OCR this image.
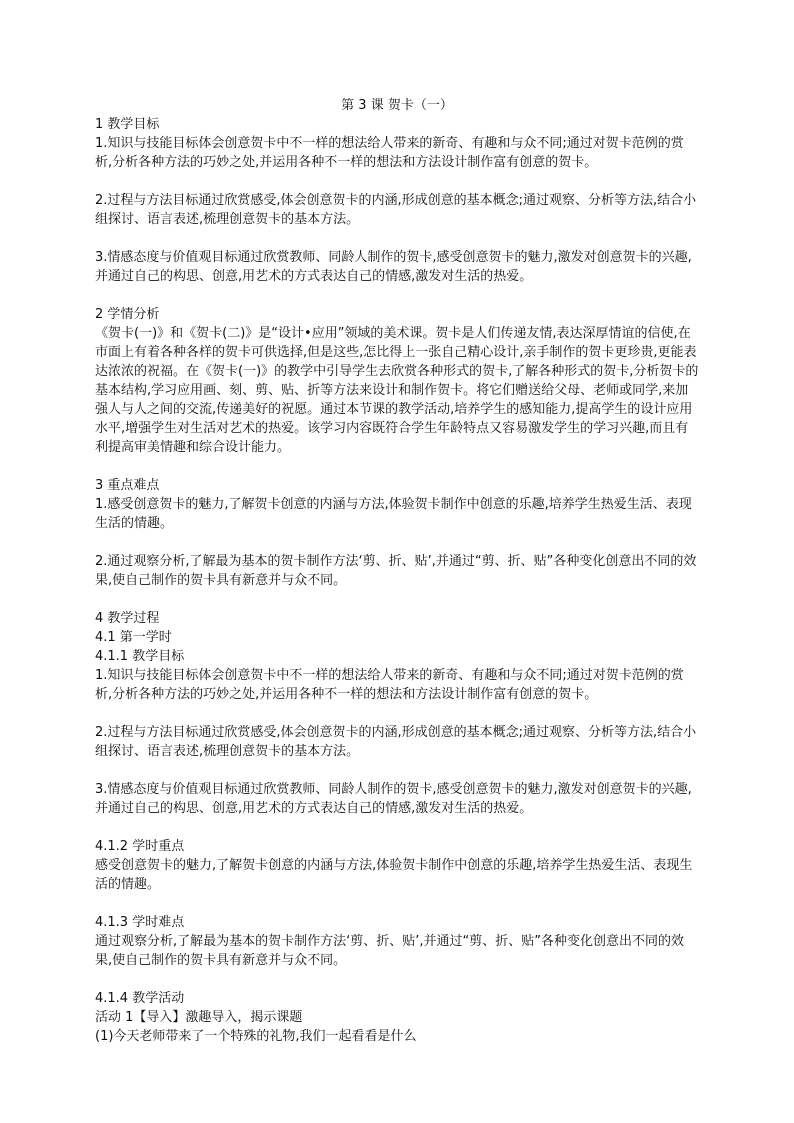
第 3 课 贺卡（一）

1 教学目标

1.知识与技能目标体会创意贺卡中不一样的想法给人带来的新奇、有趣和与众不同;通过对贺卡范例的赏析,分析各种方法的巧妙之处,并运用各种不一样的想法和方法设计制作富有创意的贺卡。

2.过程与方法目标通过欣赏感受,体会创意贺卡的内涵,形成创意的基本概念;通过观察、分析等方法,结合小组探讨、语言表述,梳理创意贺卡的基本方法。

3.情感态度与价值观目标通过欣赏教师、同龄人制作的贺卡,感受创意贺卡的魅力,激发对创意贺卡的兴趣,并通过自己的构思、创意,用艺术的方式表达自己的情感,激发对生活的热爱。

2 学情分析

《贺卡(一)》和《贺卡(二)》是“设计•应用”领域的美术课。贺卡是人们传递友情,表达深厚情谊的信使,在市面上有着各种各样的贺卡可供选择,但是这些,怎比得上一张自己精心设计,亲手制作的贺卡更珍贵,更能表达浓浓的祝福。在《贺卡(一)》的教学中引导学生去欣赏各种形式的贺卡,了解各种形式的贺卡,分析贺卡的基本结构,学习应用画、刻、剪、贴、折等方法来设计和制作贺卡。将它们赠送给父母、老师或同学,来加强人与人之间的交流,传递美好的祝愿。通过本节课的教学活动,培养学生的感知能力,提高学生的设计应用水平,增强学生对生活对艺术的热爱。该学习内容既符合学生年龄特点又容易激发学生的学习兴趣,而且有利提高审美情趣和综合设计能力。

3 重点难点

1.感受创意贺卡的魅力,了解贺卡创意的内涵与方法,体验贺卡制作中创意的乐趣,培养学生热爱生活、表现生活的情趣。

2.通过观察分析,了解最为基本的贺卡制作方法‘剪、折、贴’,并通过“剪、折、贴”各种变化创意出不同的效果,使自己制作的贺卡具有新意并与众不同。

4 教学过程

4.1 第一学时

4.1.1 教学目标

1.知识与技能目标体会创意贺卡中不一样的想法给人带来的新奇、有趣和与众不同;通过对贺卡范例的赏析,分析各种方法的巧妙之处,并运用各种不一样的想法和方法设计制作富有创意的贺卡。

2.过程与方法目标通过欣赏感受,体会创意贺卡的内涵,形成创意的基本概念;通过观察、分析等方法,结合小组探讨、语言表述,梳理创意贺卡的基本方法。

3.情感态度与价值观目标通过欣赏教师、同龄人制作的贺卡,感受创意贺卡的魅力,激发对创意贺卡的兴趣,并通过自己的构思、创意,用艺术的方式表达自己的情感,激发对生活的热爱。

4.1.2 学时重点

感受创意贺卡的魅力,了解贺卡创意的内涵与方法,体验贺卡制作中创意的乐趣,培养学生热爱生活、表现生活的情趣。

4.1.3 学时难点

通过观察分析,了解最为基本的贺卡制作方法‘剪、折、贴’,并通过“剪、折、贴”各种变化创意出不同的效果,使自己制作的贺卡具有新意并与众不同。

4.1.4 教学活动

活动 1【导入】激趣导入，揭示课题

(1)今天老师带来了一个特殊的礼物,我们一起看看是什么
